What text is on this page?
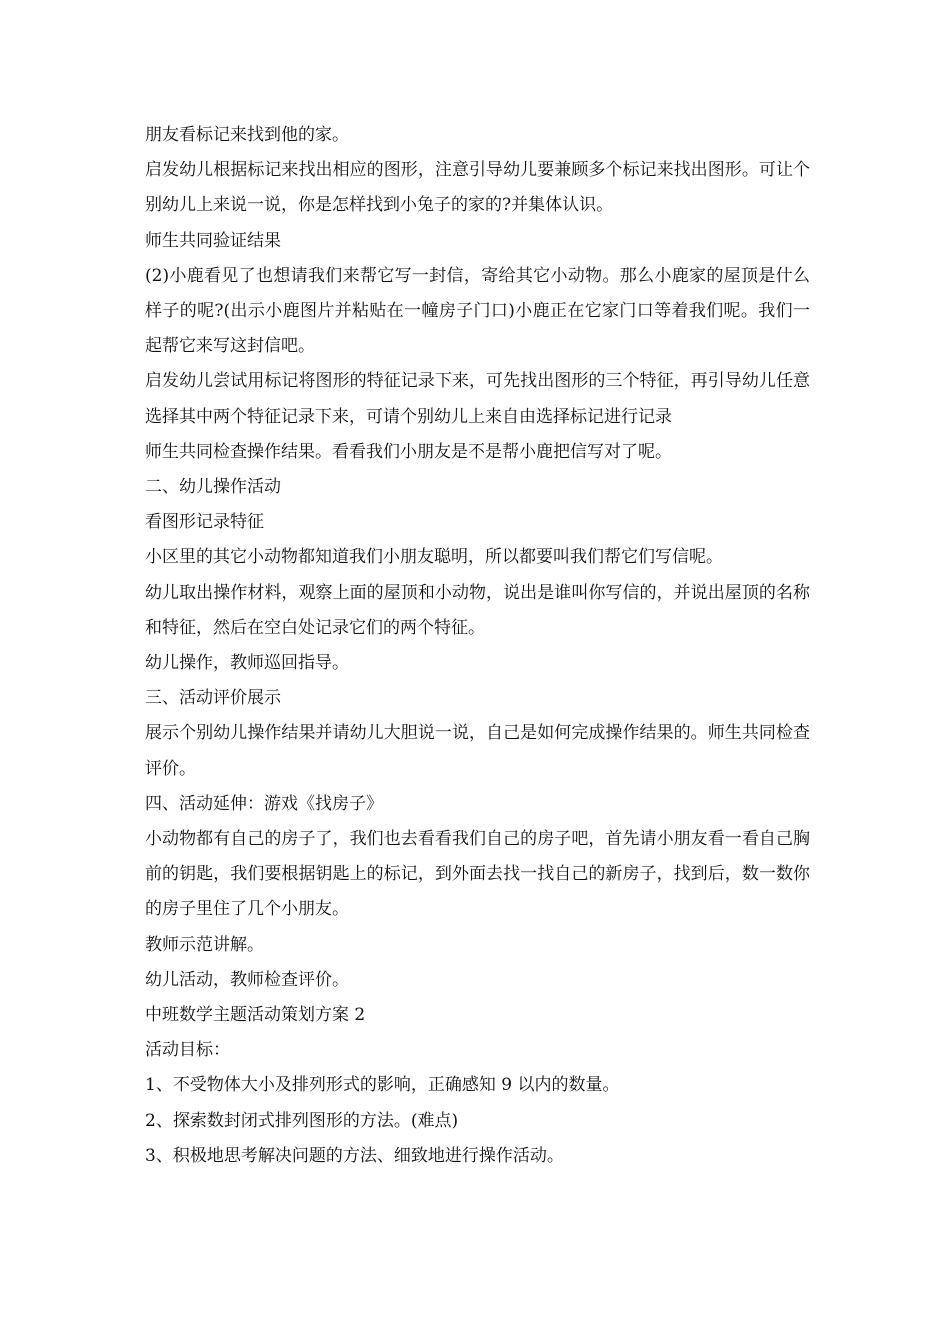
朋友看标记来找到他的家。

启发幼儿根据标记来找出相应的图形，注意引导幼儿要兼顾多个标记来找出图形。可让个别幼儿上来说一说，你是怎样找到小兔子的家的?并集体认识。

师生共同验证结果

(2)小鹿看见了也想请我们来帮它写一封信，寄给其它小动物。那么小鹿家的屋顶是什么样子的呢?(出示小鹿图片并粘贴在一幢房子门口)小鹿正在它家门口等着我们呢。我们一起帮它来写这封信吧。

启发幼儿尝试用标记将图形的特征记录下来，可先找出图形的三个特征，再引导幼儿任意选择其中两个特征记录下来，可请个别幼儿上来自由选择标记进行记录

师生共同检查操作结果。看看我们小朋友是不是帮小鹿把信写对了呢。

二、幼儿操作活动

看图形记录特征

小区里的其它小动物都知道我们小朋友聪明，所以都要叫我们帮它们写信呢。

幼儿取出操作材料，观察上面的屋顶和小动物，说出是谁叫你写信的，并说出屋顶的名称和特征，然后在空白处记录它们的两个特征。

幼儿操作，教师巡回指导。

三、活动评价展示

展示个别幼儿操作结果并请幼儿大胆说一说，自己是如何完成操作结果的。师生共同检查评价。

四、活动延伸：游戏《找房子》

小动物都有自己的房子了，我们也去看看我们自己的房子吧，首先请小朋友看一看自己胸前的钥匙，我们要根据钥匙上的标记，到外面去找一找自己的新房子，找到后，数一数你的房子里住了几个小朋友。

教师示范讲解。

幼儿活动，教师检查评价。

中班数学主题活动策划方案 2

活动目标：

1、不受物体大小及排列形式的影响，正确感知 9 以内的数量。

2、探索数封闭式排列图形的方法。(难点)

3、积极地思考解决问题的方法、细致地进行操作活动。
